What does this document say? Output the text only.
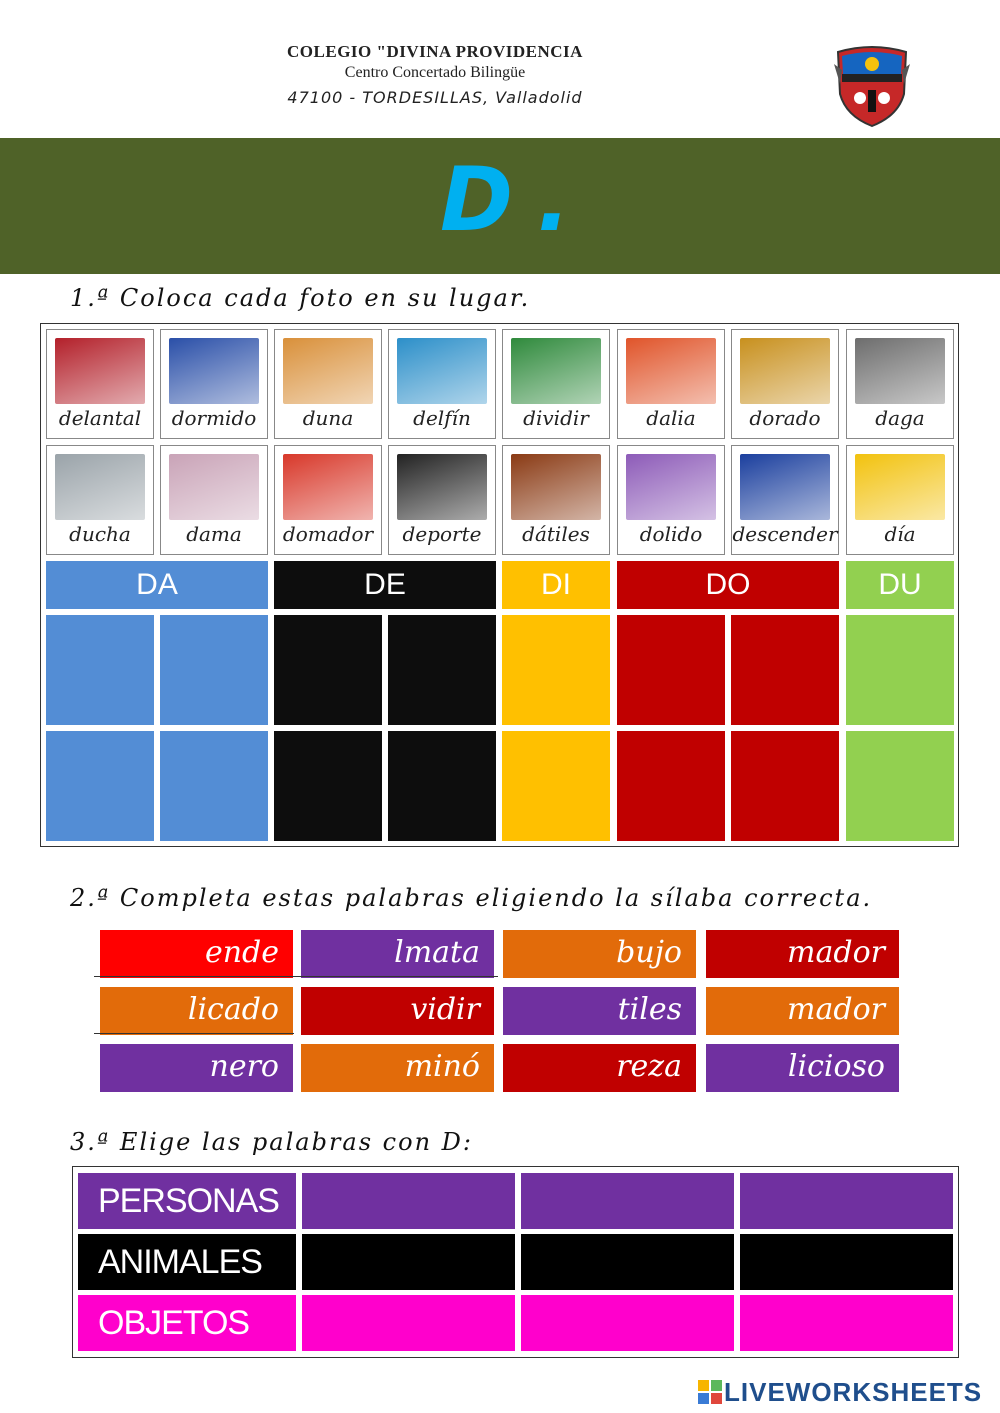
COLEGIO "DIVINA PROVIDENCIA
Centro Concertado Bilingüe
47100 - TORDESILLAS, Valladolid
D.
1.ª Coloca cada foto en su lugar.
delantal	dormido	duna	delfín	dividir	dalia	dorado	daga
ducha	dama	domador	deporte	dátiles	dolido	descender	día
DA	DE	DI	DO	DU
2.ª Completa estas palabras eligiendo la sílaba correcta.
ende	lmata	bujo	mador
licado	vidir	tiles	mador
nero	minó	reza	licioso
3.ª Elige las palabras con D:
PERSONAS
ANIMALES
OBJETOS
LIVEWORKSHEETS
